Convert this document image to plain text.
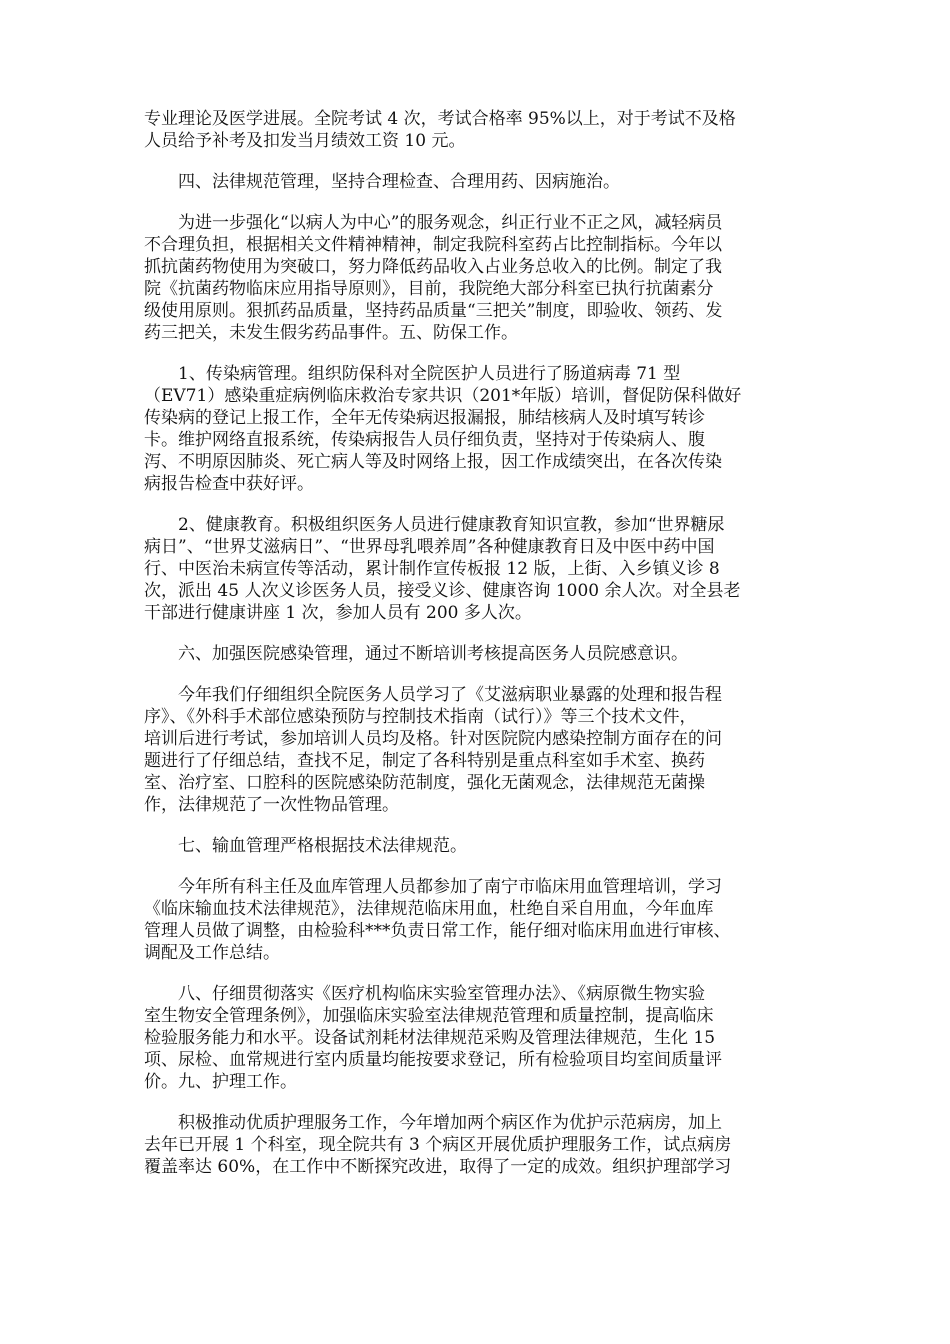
专业理论及医学进展。全院考试 4 次，考试合格率 95%以上，对于考试不及格
人员给予补考及扣发当月绩效工资 10 元。

　　四、法律规范管理，坚持合理检查、合理用药、因病施治。

　　为进一步强化“以病人为中心”的服务观念，纠正行业不正之风，减轻病员
不合理负担，根据相关文件精神精神，制定我院科室药占比控制指标。今年以
抓抗菌药物使用为突破口，努力降低药品收入占业务总收入的比例。制定了我
院《抗菌药物临床应用指导原则》，目前，我院绝大部分科室已执行抗菌素分
级使用原则。狠抓药品质量，坚持药品质量“三把关”制度，即验收、领药、发
药三把关，未发生假劣药品事件。五、防保工作。

　　1、传染病管理。组织防保科对全院医护人员进行了肠道病毒 71 型
（EV71）感染重症病例临床救治专家共识（201*年版）培训，督促防保科做好
传染病的登记上报工作，全年无传染病迟报漏报，肺结核病人及时填写转诊
卡。维护网络直报系统，传染病报告人员仔细负责，坚持对于传染病人、腹
泻、不明原因肺炎、死亡病人等及时网络上报，因工作成绩突出，在各次传染
病报告检查中获好评。

　　2、健康教育。积极组织医务人员进行健康教育知识宣教，参加“世界糖尿
病日”、“世界艾滋病日”、“世界母乳喂养周”各种健康教育日及中医中药中国
行、中医治未病宣传等活动，累计制作宣传板报 12 版，上街、入乡镇义诊 8
次，派出 45 人次义诊医务人员，接受义诊、健康咨询 1000 余人次。对全县老
干部进行健康讲座 1 次，参加人员有 200 多人次。

　　六、加强医院感染管理，通过不断培训考核提高医务人员院感意识。

　　今年我们仔细组织全院医务人员学习了《艾滋病职业暴露的处理和报告程
序》、《外科手术部位感染预防与控制技术指南（试行）》等三个技术文件，
培训后进行考试，参加培训人员均及格。针对医院院内感染控制方面存在的问
题进行了仔细总结，查找不足，制定了各科特别是重点科室如手术室、换药
室、治疗室、口腔科的医院感染防范制度，强化无菌观念，法律规范无菌操
作，法律规范了一次性物品管理。

　　七、输血管理严格根据技术法律规范。

　　今年所有科主任及血库管理人员都参加了南宁市临床用血管理培训，学习
《临床输血技术法律规范》，法律规范临床用血，杜绝自采自用血，今年血库
管理人员做了调整，由检验科***负责日常工作，能仔细对临床用血进行审核、
调配及工作总结。

　　八、仔细贯彻落实《医疗机构临床实验室管理办法》、《病原微生物实验
室生物安全管理条例》，加强临床实验室法律规范管理和质量控制，提高临床
检验服务能力和水平。设备试剂耗材法律规范采购及管理法律规范，生化 15
项、尿检、血常规进行室内质量均能按要求登记，所有检验项目均室间质量评
价。九、护理工作。

　　积极推动优质护理服务工作，今年增加两个病区作为优护示范病房，加上
去年已开展 1 个科室，现全院共有 3 个病区开展优质护理服务工作，试点病房
覆盖率达 60%，在工作中不断探究改进，取得了一定的成效。组织护理部学习
